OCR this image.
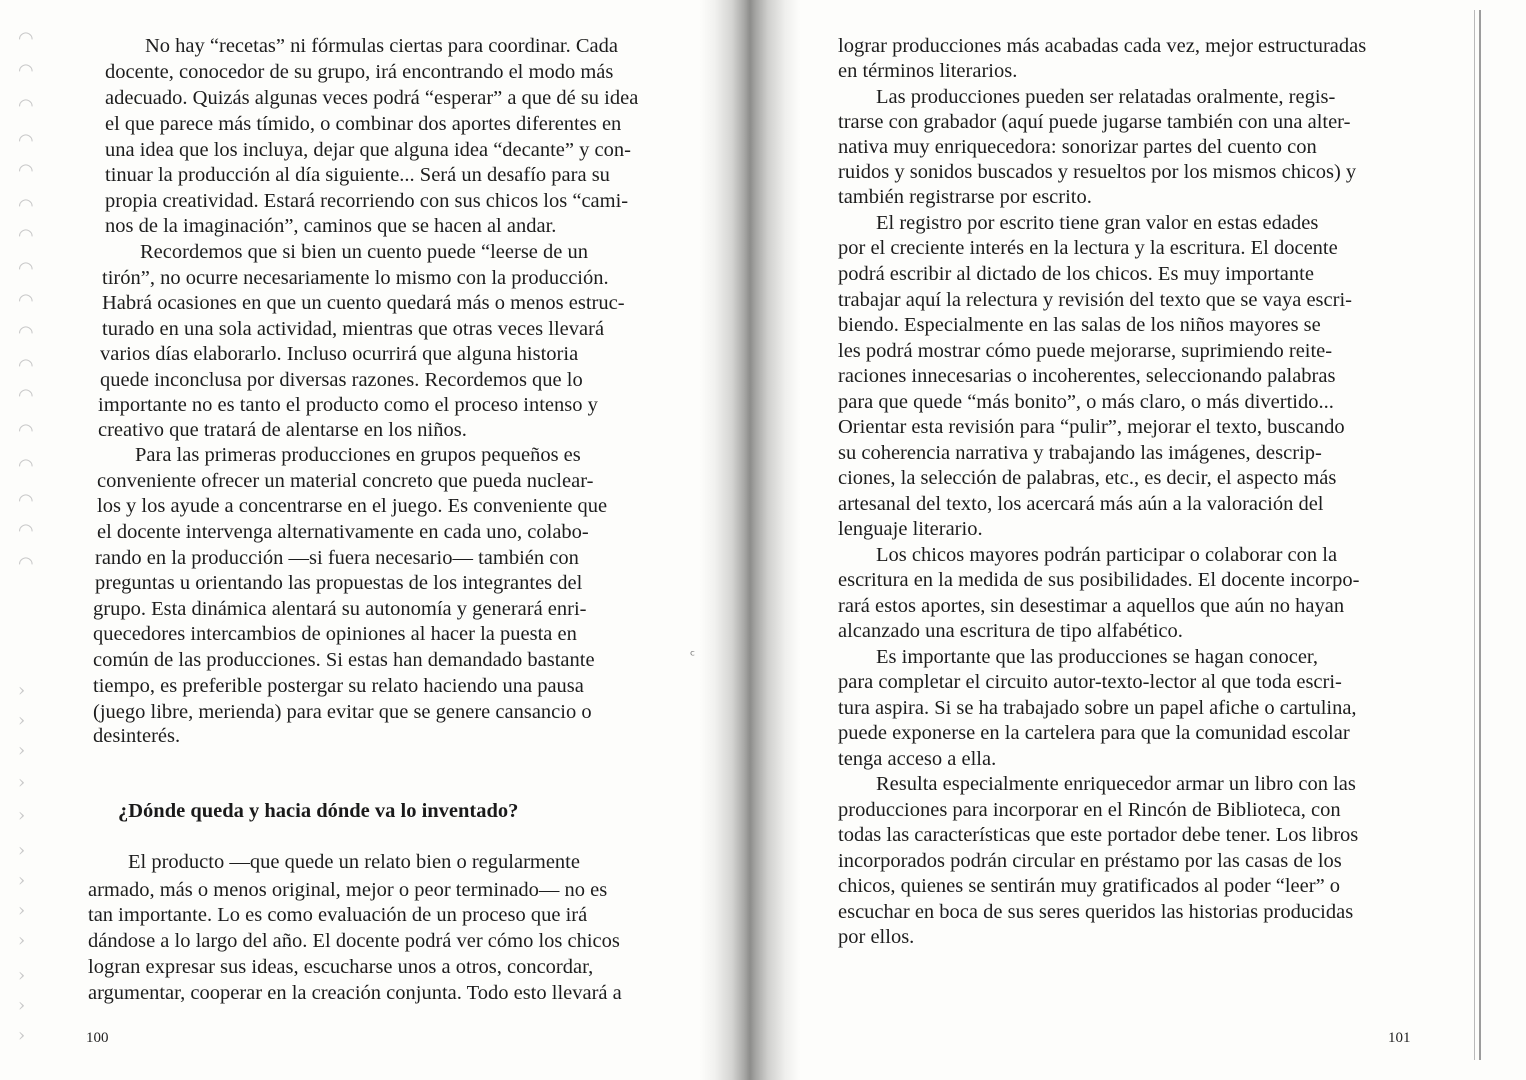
◠
◠
◠
◠
◠
◠
◠
◠
◠
◠
◠
◠
◠
◠
◠
◠
◠
›
›
›
›
›
›
›
›
›
›
›
›
ᶜ
No hay “recetas” ni fórmulas ciertas para coordinar. Cada
docente, conocedor de su grupo, irá encontrando el modo más
adecuado. Quizás algunas veces podrá “esperar” a que dé su idea
el que parece más tímido, o combinar dos aportes diferentes en
una idea que los incluya, dejar que alguna idea “decante” y con-
tinuar la producción al día siguiente... Será un desafío para su
propia creatividad. Estará recorriendo con sus chicos los “cami-
nos de la imaginación”, caminos que se hacen al andar.
Recordemos que si bien un cuento puede “leerse de un
tirón”, no ocurre necesariamente lo mismo con la producción.
Habrá ocasiones en que un cuento quedará más o menos estruc-
turado en una sola actividad, mientras que otras veces llevará
varios días elaborarlo. Incluso ocurrirá que alguna historia
quede inconclusa por diversas razones. Recordemos que lo
importante no es tanto el producto como el proceso intenso y
creativo que tratará de alentarse en los niños.
Para las primeras producciones en grupos pequeños es
conveniente ofrecer un material concreto que pueda nuclear-
los y los ayude a concentrarse en el juego. Es conveniente que
el docente intervenga alternativamente en cada uno, colabo-
rando en la producción —si fuera necesario— también con
preguntas u orientando las propuestas de los integrantes del
grupo. Esta dinámica alentará su autonomía y generará enri-
quecedores intercambios de opiniones al hacer la puesta en
común de las producciones. Si estas han demandado bastante
tiempo, es preferible postergar su relato haciendo una pausa
(juego libre, merienda) para evitar que se genere cansancio o
desinterés.
¿Dónde queda y hacia dónde va lo inventado?
El producto —que quede un relato bien o regularmente
armado, más o menos original, mejor o peor terminado— no es
tan importante. Lo es como evaluación de un proceso que irá
dándose a lo largo del año. El docente podrá ver cómo los chicos
logran expresar sus ideas, escucharse unos a otros, concordar,
argumentar, cooperar en la creación conjunta. Todo esto llevará a
100
lograr producciones más acabadas cada vez, mejor estructuradas
en términos literarios.
Las producciones pueden ser relatadas oralmente, regis-
trarse con grabador (aquí puede jugarse también con una alter-
nativa muy enriquecedora: sonorizar partes del cuento con
ruidos y sonidos buscados y resueltos por los mismos chicos) y
también registrarse por escrito.
El registro por escrito tiene gran valor en estas edades
por el creciente interés en la lectura y la escritura. El docente
podrá escribir al dictado de los chicos. Es muy importante
trabajar aquí la relectura y revisión del texto que se vaya escri-
biendo. Especialmente en las salas de los niños mayores se
les podrá mostrar cómo puede mejorarse, suprimiendo reite-
raciones innecesarias o incoherentes, seleccionando palabras
para que quede “más bonito”, o más claro, o más divertido...
Orientar esta revisión para “pulir”, mejorar el texto, buscando
su coherencia narrativa y trabajando las imágenes, descrip-
ciones, la selección de palabras, etc., es decir, el aspecto más
artesanal del texto, los acercará más aún a la valoración del
lenguaje literario.
Los chicos mayores podrán participar o colaborar con la
escritura en la medida de sus posibilidades. El docente incorpo-
rará estos aportes, sin desestimar a aquellos que aún no hayan
alcanzado una escritura de tipo alfabético.
Es importante que las producciones se hagan conocer,
para completar el circuito autor-texto-lector al que toda escri-
tura aspira. Si se ha trabajado sobre un papel afiche o cartulina,
puede exponerse en la cartelera para que la comunidad escolar
tenga acceso a ella.
Resulta especialmente enriquecedor armar un libro con las
producciones para incorporar en el Rincón de Biblioteca, con
todas las características que este portador debe tener. Los libros
incorporados podrán circular en préstamo por las casas de los
chicos, quienes se sentirán muy gratificados al poder “leer” o
escuchar en boca de sus seres queridos las historias producidas
por ellos.
101
